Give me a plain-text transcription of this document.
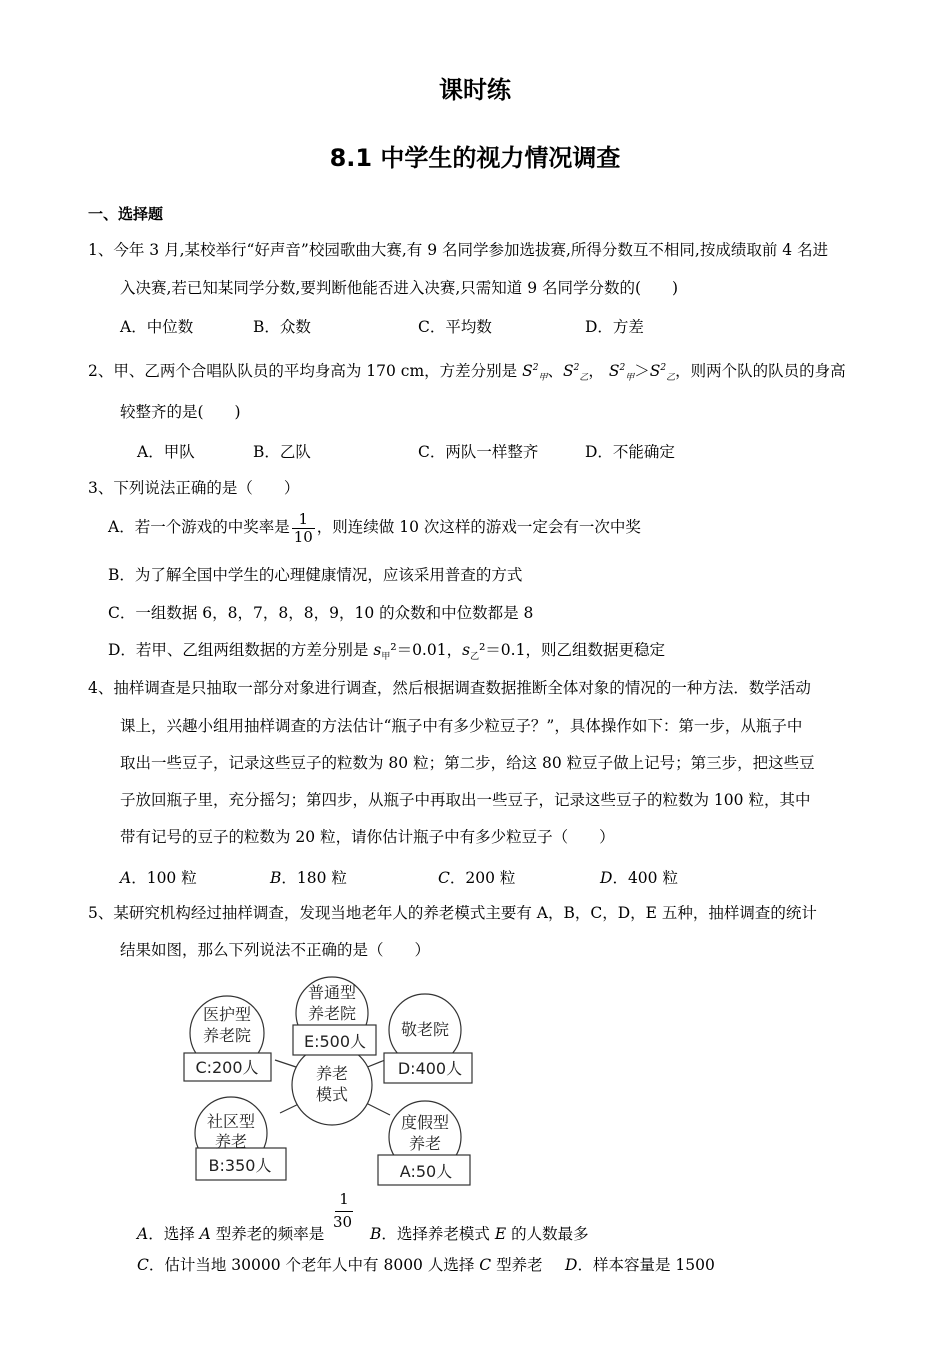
课时练
8.1 中学生的视力情况调查
一、选择题
1、今年 3 月,某校举行“好声音”校园歌曲大赛,有 9 名同学参加选拔赛,所得分数互不相同,按成绩取前 4 名进
入决赛,若已知某同学分数,要判断他能否进入决赛,只需知道 9 名同学分数的(　　)
A．中位数	B．众数	C．平均数	D．方差
2、甲、乙两个合唱队队员的平均身高为 170 cm，方差分别是 $S^2_甲$、$S^2_乙$， $S^2_甲>S^2_乙$，则两个队的队员的身高
较整齐的是(　　)
A．甲队	B．乙队	C．两队一样整齐	D．不能确定
3、下列说法正确的是（　　）
A．若一个游戏的中奖率是 $\frac{1}{10}$ ，则连续做 10 次这样的游戏一定会有一次中奖
B．为了解全国中学生的心理健康情况，应该采用普查的方式
C．一组数据 6，8，7，8，8，9，10 的众数和中位数都是 8
D．若甲、乙组两组数据的方差分别是 $s_甲^2=0.01$，$s_乙^2=0.1$，则乙组数据更稳定
4、抽样调查是只抽取一部分对象进行调查，然后根据调查数据推断全体对象的情况的一种方法．数学活动
课上，兴趣小组用抽样调查的方法估计“瓶子中有多少粒豆子？”，具体操作如下：第一步，从瓶子中
取出一些豆子，记录这些豆子的粒数为 80 粒；第二步，给这 80 粒豆子做上记号；第三步，把这些豆
子放回瓶子里，充分摇匀；第四步，从瓶子中再取出一些豆子，记录这些豆子的粒数为 100 粒，其中
带有记号的豆子的粒数为 20 粒，请你估计瓶子中有多少粒豆子（　　）
A．100 粒	B．180 粒	C．200 粒	D．400 粒
5、某研究机构经过抽样调查，发现当地老年人的养老模式主要有 A，B，C，D，E 五种，抽样调查的统计
结果如图，那么下列说法不正确的是（　　）
养老
模式
医护型
养老院
C:200人
普通型
养老院
E:500人
敬老院
D:400人
社区型
养老
B:350人
度假型
养老
A:50人
1
30
A．选择 A 型养老的频率是	B．选择养老模式 E 的人数最多
C．估计当地 30000 个老年人中有 8000 人选择 C 型养老 D．样本容量是 1500
